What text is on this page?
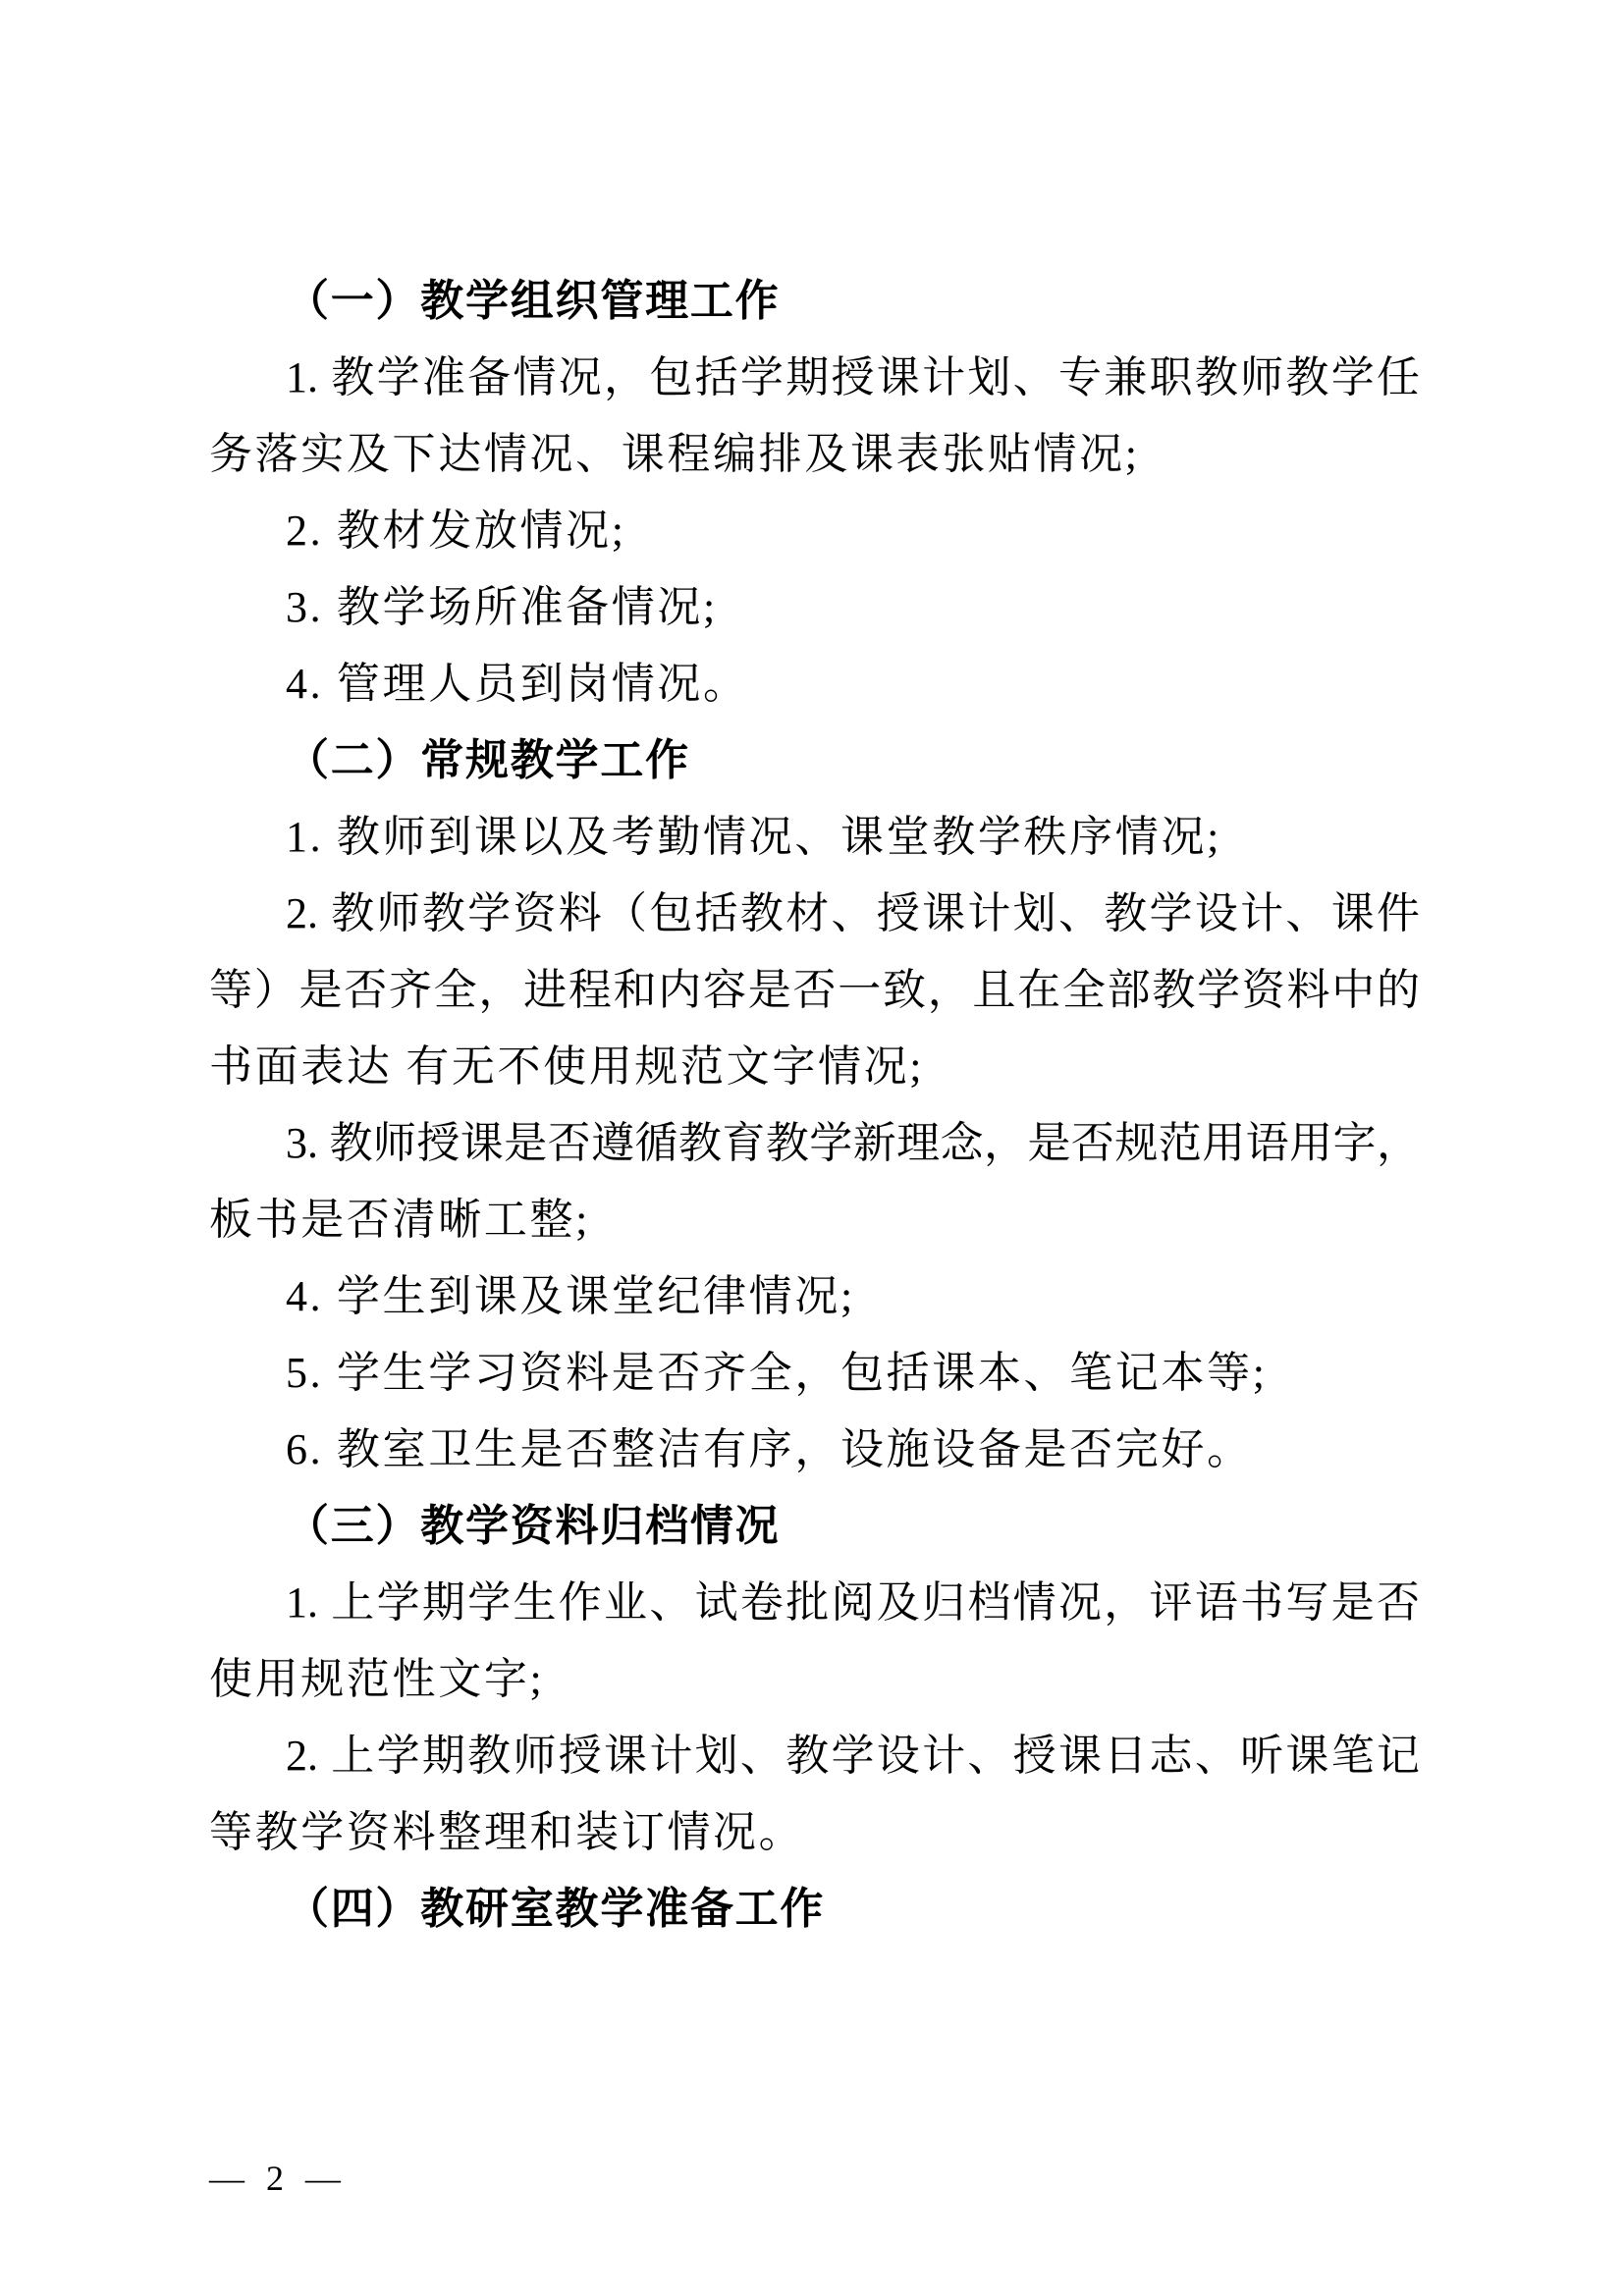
（一）教学组织管理工作
1. 教学准备情况，包括学期授课计划、专兼职教师教学任
务落实及下达情况、课程编排及课表张贴情况;
2. 教材发放情况;
3. 教学场所准备情况;
4. 管理人员到岗情况。
（二）常规教学工作
1. 教师到课以及考勤情况、课堂教学秩序情况;
2. 教师教学资料（包括教材、授课计划、教学设计、课件
等）是否齐全，进程和内容是否一致，且在全部教学资料中的
书面表达 有无不使用规范文字情况;
3. 教师授课是否遵循教育教学新理念，是否规范用语用字，
板书是否清晰工整;
4. 学生到课及课堂纪律情况;
5. 学生学习资料是否齐全，包括课本、笔记本等;
6. 教室卫生是否整洁有序，设施设备是否完好。
（三）教学资料归档情况
1. 上学期学生作业、试卷批阅及归档情况，评语书写是否
使用规范性文字;
2. 上学期教师授课计划、教学设计、授课日志、听课笔记
等教学资料整理和装订情况。
（四）教研室教学准备工作
— 2 —
